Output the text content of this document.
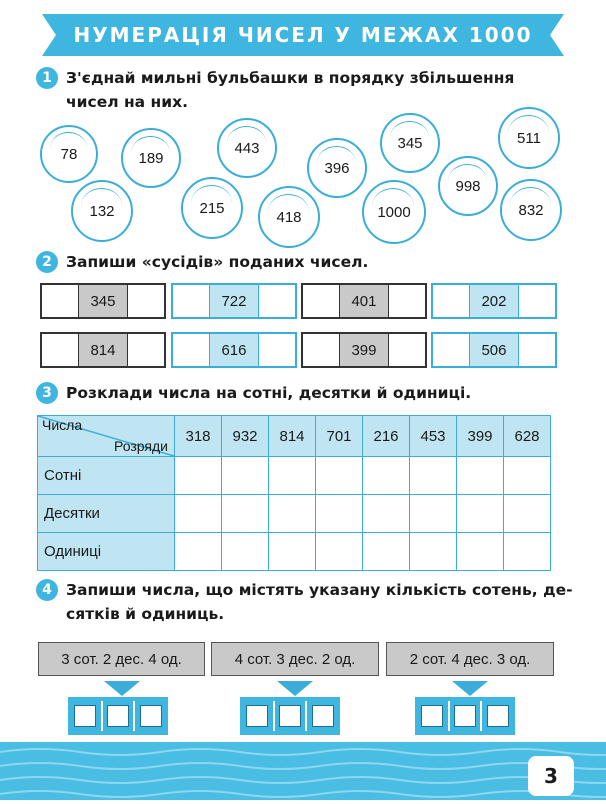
НУМЕРАЦІЯ ЧИСЕЛ У МЕЖАХ 1000
1 З'єднай мильні бульбашки в порядку збільшення
чисел на них.
78	189
443
396
345	511
998
132	215
418	1000	832
2 Запиши «сусідів» поданих чисел.
345	722	401	202
814	616	399	506
3 Розклади числа на сотні, десятки й одиниці.
Числа
Розряди	318	932	814	701	216	453	399	628
Сотні								
Десятки								
Одиниці								
4 Запиши числа, що містять указану кількість сотень, де-
сятків й одиниць.
3 сот. 2 дес. 4 од.	4 сот. 3 дес. 2 од.	2 сот. 4 дес. 3 од.
3
